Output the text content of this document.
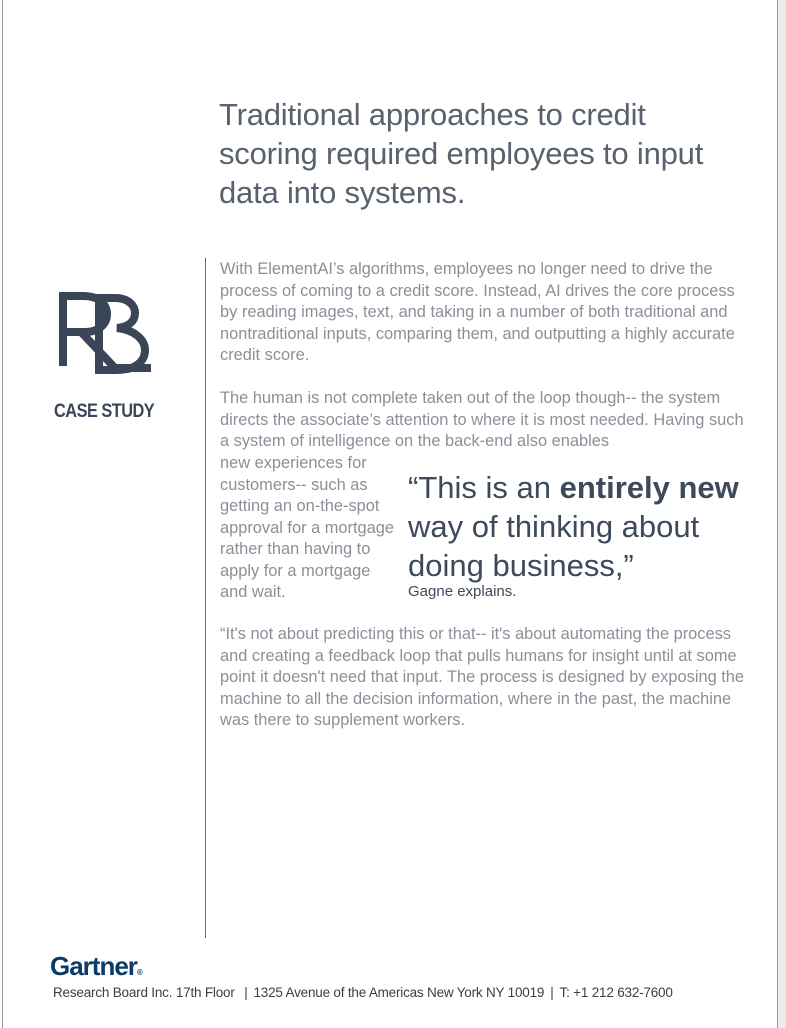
Traditional approaches to credit scoring required employees to input data into systems.
CASE STUDY

With ElementAI’s algorithms, employees no longer need to drive the process of coming to a credit score. Instead, AI drives the core process by reading images, text, and taking in a number of both traditional and nontraditional inputs, comparing them, and outputting a highly accurate credit score.

The human is not complete taken out of the loop though-- the system directs the associate’s attention to where it is most needed. Having such a system of intelligence on the back-end also enables

new experiences for customers-- such as getting an on-the-spot approval for a mortgage rather than having to apply for a mortgage and wait.

“This is an entirely new way of thinking about doing business,”

Gagne explains.

“It's not about predicting this or that-- it's about automating the process and creating a feedback loop that pulls humans for insight until at some point it doesn't need that input. The process is designed by exposing the machine to all the decision information, where in the past, the machine was there to supplement workers.

Gartner®
Research Board Inc. 17th Floor | 1325 Avenue of the Americas New York NY 10019 | T: +1 212 632-7600
